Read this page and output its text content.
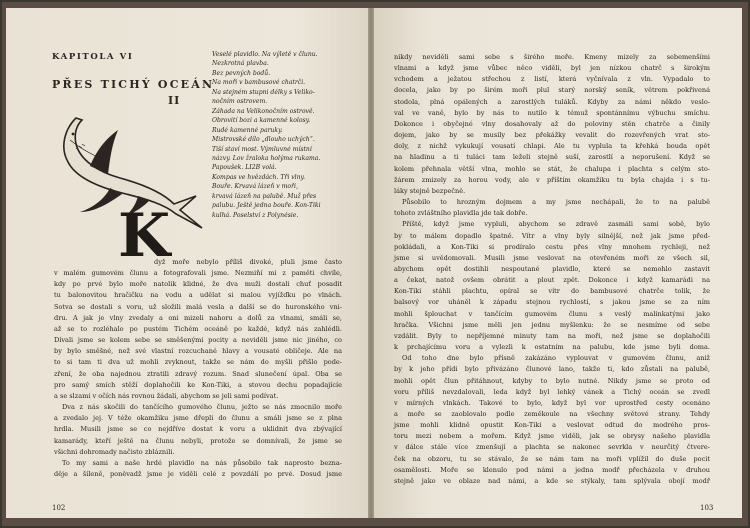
KAPITOLA VI
PŘES TICHÝ OCEÁN
II
Veselé plavidlo. Na výletě v člunu.
Nezkrotná plavba.
Bez pevných bodů.
Na moři v bambusové chatrči.
Na stejném stupni délky s Veliko-
nočním ostrovem.
Záhada na Velikonočním ostrově.
Obrovití bozi a kamenné kolosy.
Rudé kamenné paruky.
Mistrovské dílo „dlouho uchých“.
Tiší staví most. Výmluvné místní
názvy. Lov žraloka holýma rukama.
Papoušek. LI2B volá.
Kompas ve hvězdách. Tři vlny.
Bouře. Krvavá lázeň v moři,
krvavá lázeň na palubě. Muž přes
palubu. Ještě jedna bouře. Kon-Tiki
kulhá. Poselství z Polynésie.
K
dyž moře nebylo příliš divoké, pluli jsme často
v malém gumovém člunu a fotografovali jsme. Nezmiňí mi z paměti chvíle,
kdy po prvé bylo moře natolik klidné, že dva muži dostali chuť posadit
tu balonovitou hračičku na vodu a udělat si malou vyjížďku po vlnách.
Sotva se dostali s voru, už složili malá vesla a další se do huronského vni-
dru. A jak je vlny zvedaly a oni mizeli nahoru a dolů za vlnami, smáli se,
až se to rozléhalo po pustém Tichém oceáně po každé, když nás zahlédli.
Dívali jsme se kolem sebe se směšenými pocity a neviděli jsme nic jiného, co
by bylo směšné, než své vlastní rozcuchané hlavy a vousaté obličeje. Ale na
to si tam ti dva už mohli zvyknout, takže se nám do myšli přišlo pode-
zření, že oba najednou ztratili zdravý rozum. Snad slunečení úpal. Oba se
pro samý smích stěží doplahočili ke Kon-Tiki, a stovou dechu popadajícíe
a se slzami v očích nás rovnou žádali, abychom se jeli sami podívat.
Dva z nás skočili do tančícího gumového člunu, ježto se nás zmocnilo moře
a zvedalo jej. V téže okamžiku jsme dřepli do člunu a smáli jsme se z plna
hrdla. Musili jsme se co nejdříve dostat k voru a uklidnit dva zbývající
kamarády, kteří ještě na člunu nebyli, protože se domnívali, že jsme se
všichni dohromady načisto zbláznili.
To my sami a naše hrdé plavidlo na nás působilo tak naprosto bezna-
děje a šíleně, poněvadž jsme je viděli celé z povzdálí po prvé. Dosud jsme
102
nikdy neviděli sami sebe s širého moře. Kmeny mizely za sebemenšími
vlnami a když jsme vůbec něco viděli, byl jen nízkou chatrč s širokým
vchodem a ježatou střechou z listí, která vyčnívala z vln. Vypadalo to
docela, jako by po širém moři plul starý norský seník, větrem pokřivená
stodola, plná opálených a zarostlých tuláků. Kdyby za námi někdo veslo-
val ve vaně, bylo by nás to nutilo k témuž spontánnímu výbuchu smíchu.
Dokonce i obyčejné vlny dosahovaly až do poloviny stěn chatrče a činily
dojem, jako by se musily bez překážky vevalit do rozevřených vrat sto-
doly, z nichž vykukují vousatí chlapi. Ale tu vyplula ta křehká bouda opět
na hladinu a ti tuláci tam leželi stejně suší, zarostlí a neporušení. Když se
kolem přehnala větší vlna, mohlo se stát, že chalupa i plachta s celým sto-
žárem zmizely za horou vody, ale v příštím okamžiku tu byla chajda i s tu-
láky stejně bezpečně.
Působilo to hrozným dojmem a my jsme nechápali, že to na palubě
tohoto zvláštního plavidla jde tak dobře.
Příště, když jsme vypluli, abychom se zdravě zasmáli sami sobě, bylo
by to málem dopadlo špatně. Vítr a vlny byly silnější, než jak jsme před-
pokládali, a Kon-Tiki si prodíralo cestu přes vlny mnohem rychleji, než
jsme si uvědomovali. Musili jsme veslovat na otevřeném moři ze všech sil,
abychom opět dostihli nespoutané plavidlo, které se nemohlo zastavit
a čekat, natož ovšem obrátit a plout zpět. Dokonce i když kamarádi na
Kon-Tiki stáhli plachtu, opíral se vítr do bambusové chatrče tolik, že
balsový vor uháněl k západu stejnou rychlostí, s jakou jsme se za ním
mohli šplouchat v tančícím gumovém člunu s veslý malinkatými jako
hračka. Všichni jsme měli jen jednu myšlenku: že se nesmíme od sebe
vzdálit. Byly to nepříjemné minuty tam na moři, než jsme se doplahočili
k prchajícímu voru a vylezli k ostatním na palubu, kde jsme byli doma.
Od toho dne bylo přísně zakázáno vyplouvat v gumovém člunu, aniž
by k jeho přídi bylo přivázáno člunové lano, takže ti, kdo zůstali na palubě,
mohli opět člun přitáhnout, kdyby to bylo nutné. Nikdy jsme se proto od
voru příliš nevzdalovali, leda když byl lehký vánek a Tichý oceán se zvedl
v mírných vlnkách. Takové to bylo, když byl vor uprostřed cesty ocenáno
a moře se zaoblovalo podle zeměkoule na všechny světové strany. Tehdy
jsme mohli klidně opustit Kon-Tiki a veslovat odtud do modrého pros-
toru mezi nebem a mořem. Když jsme viděli, jak se obrysy našeho plavidla
v dálce stále více zmenšují a plachta se nakonec sevrkla v neurčitý čtvere-
ček na obzoru, tu se stávalo, že se nám tam na moři vplížil do duše pocit
osamělosti. Moře se klenulo pod námi a jedna modř přecházela v druhou
stejně jako ve oblaze nad námi, a kde se stýkaly, tam splývala obojí modř
103
